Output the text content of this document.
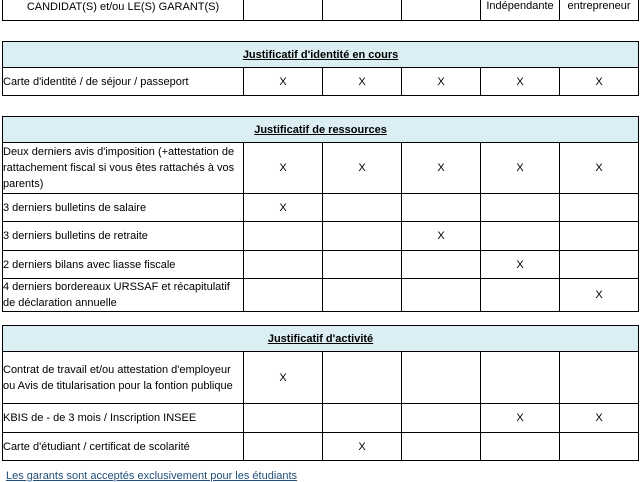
CANDIDAT(S) et/ou LE(S) GARANT(S)				Indépendante	entrepreneur
Justificatif d'identité en cours
Carte d'identité / de séjour / passeport	X	X	X	X	X
Justificatif de ressources					
Deux derniers avis d'imposition (+attestation de rattachement fiscal si vous êtes rattachés à vos parents)	X	X	X	X	X
3 derniers bulletins de salaire	X				
3 derniers bulletins de retraite			X		
2 derniers bilans avec liasse fiscale				X	
4 derniers bordereaux URSSAF et récapitulatif de déclaration annuelle					X
Justificatif d'activité					
Contrat de travail et/ou attestation d'employeur ou Avis de titularisation pour la fontion publique	X				
KBIS de - de 3 mois / Inscription INSEE				X	X
Carte d'étudiant / certificat de scolarité		X			
Les garants sont acceptés exclusivement pour les étudiants
